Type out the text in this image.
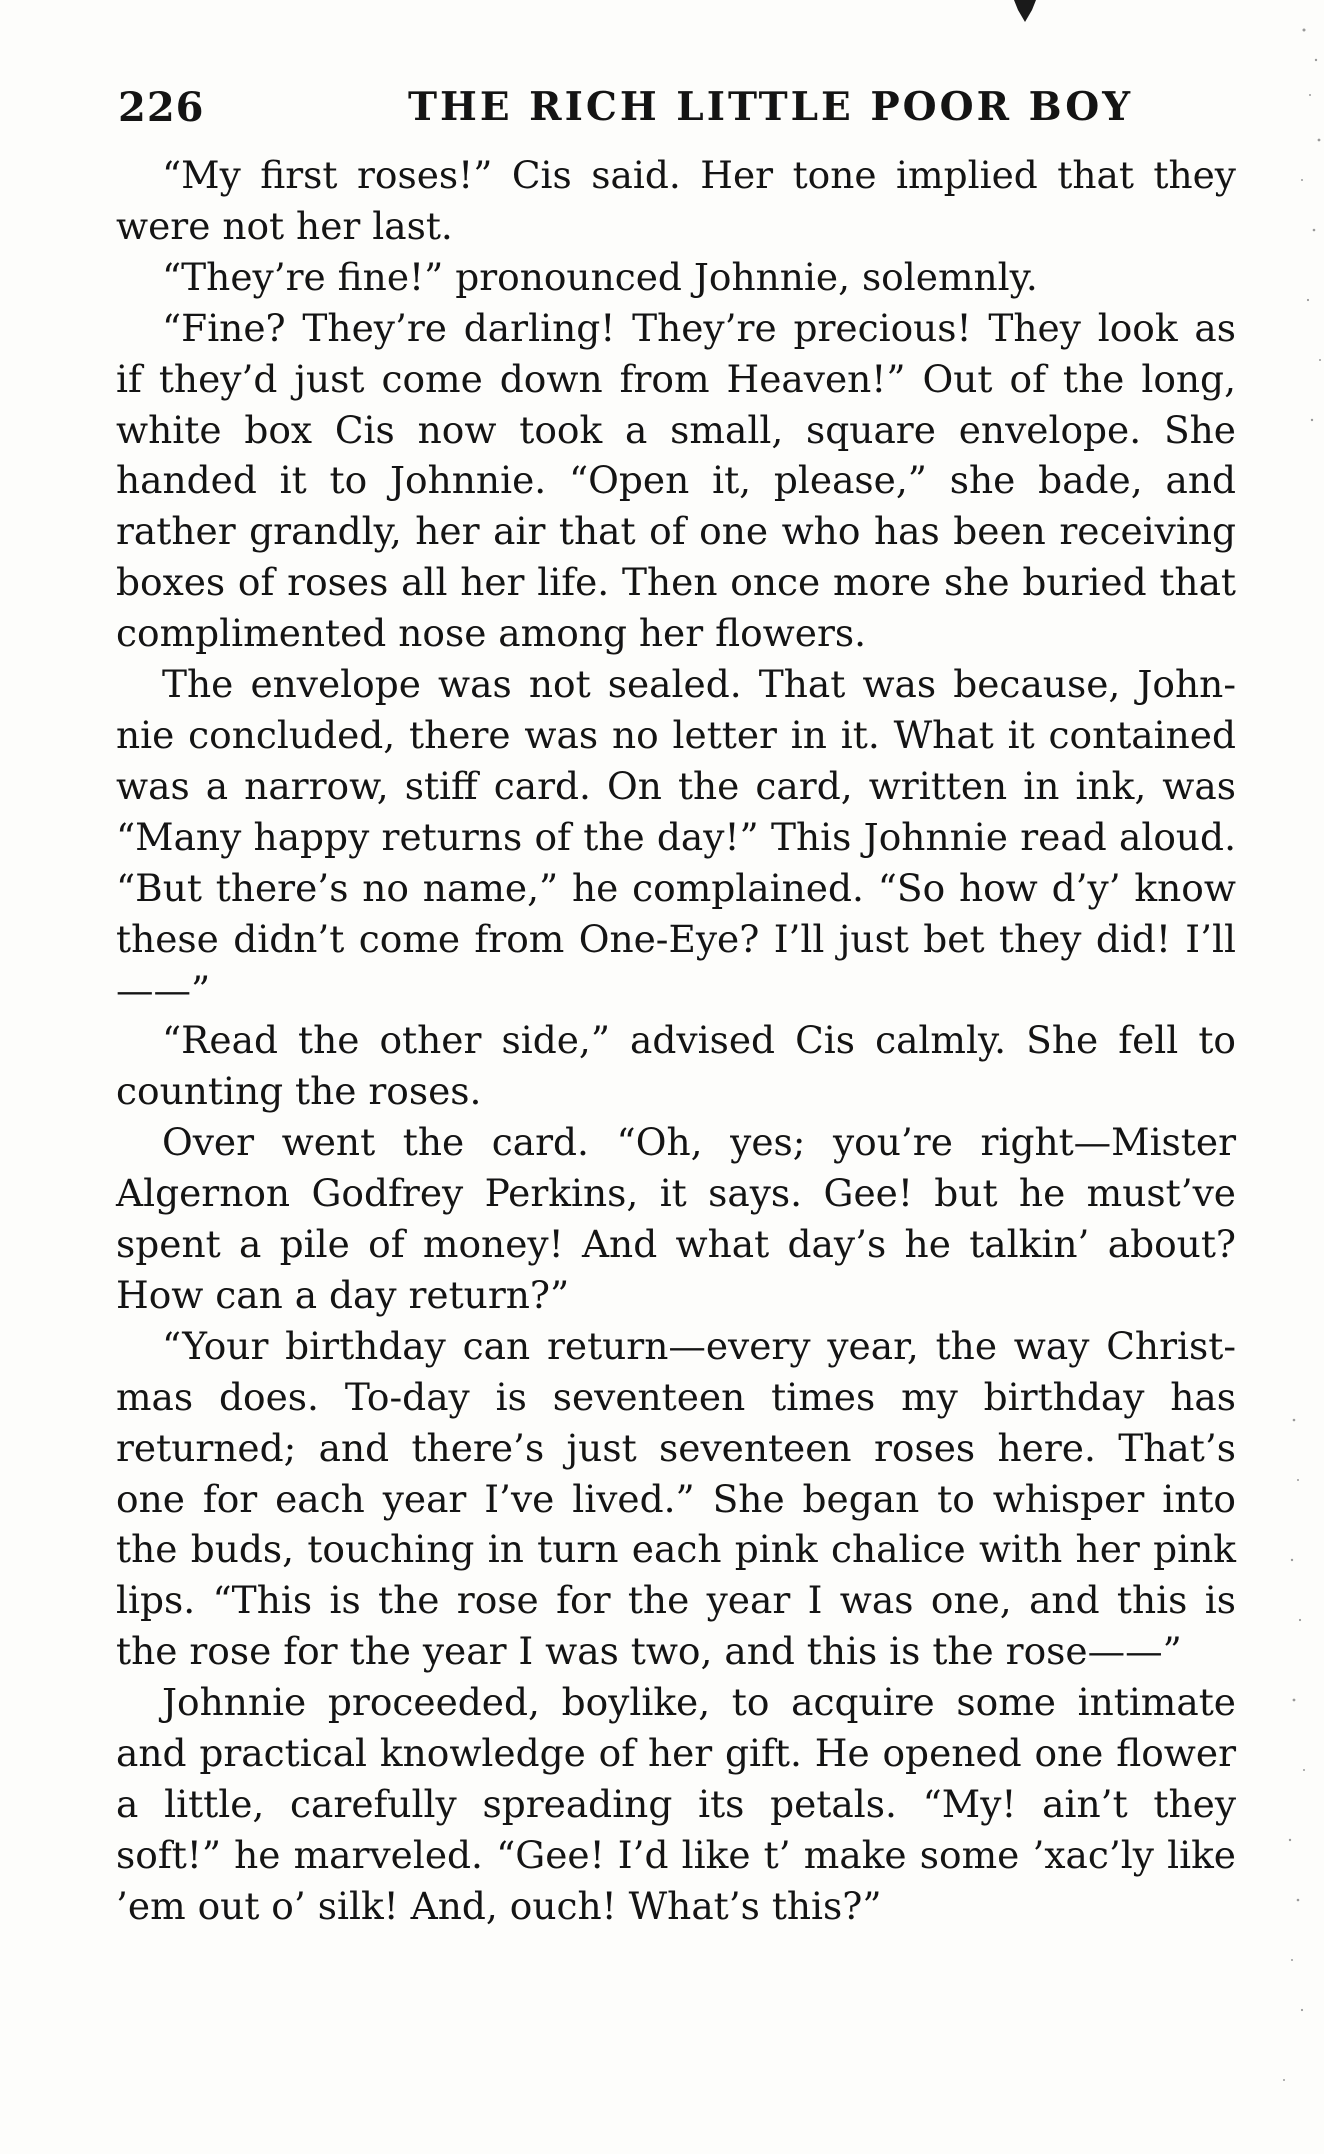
226	THE RICH LITTLE POOR BOY

“My first roses!” Cis said. Her tone implied that they were not her last.

“They’re fine!” pronounced Johnnie, solemnly.

“Fine? They’re darling! They’re precious! They look as if they’d just come down from Heaven!” Out of the long, white box Cis now took a small, square envelope. She handed it to Johnnie. “Open it, please,” she bade, and rather grandly, her air that of one who has been receiving boxes of roses all her life. Then once more she buried that complimented nose among her flowers.

The envelope was not sealed. That was because, Johnnie concluded, there was no letter in it. What it contained was a narrow, stiff card. On the card, written in ink, was “Many happy returns of the day!” This Johnnie read aloud. “But there’s no name,” he complained. “So how d’y’ know these didn’t come from One-Eye? I’ll just bet they did! I’ll——”

“Read the other side,” advised Cis calmly. She fell to counting the roses.

Over went the card. “Oh, yes; you’re right—Mister Algernon Godfrey Perkins, it says. Gee! but he must’ve spent a pile of money! And what day’s he talkin’ about? How can a day return?”

“Your birthday can return—every year, the way Christmas does. To-day is seventeen times my birthday has returned; and there’s just seventeen roses here. That’s one for each year I’ve lived.” She began to whisper into the buds, touching in turn each pink chalice with her pink lips. “This is the rose for the year I was one, and this is the rose for the year I was two, and this is the rose——”

Johnnie proceeded, boylike, to acquire some intimate and practical knowledge of her gift. He opened one flower a little, carefully spreading its petals. “My! ain’t they soft!” he marveled. “Gee! I’d like t’ make some ’xac’ly like ’em out o’ silk! And, ouch! What’s this?”
